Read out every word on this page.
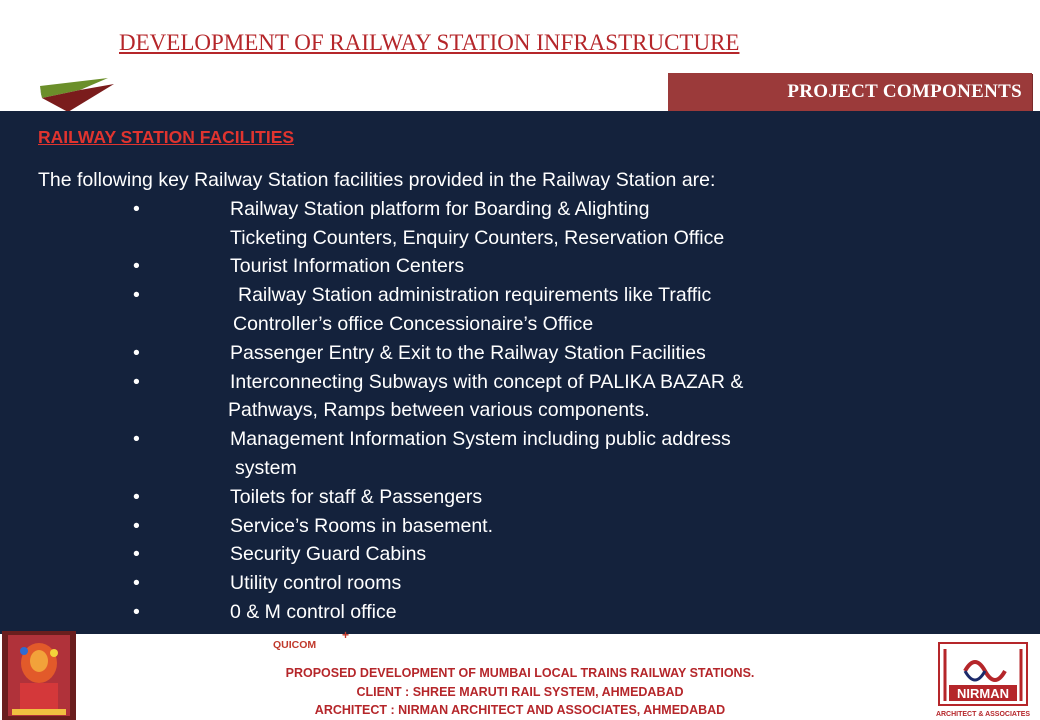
DEVELOPMENT OF RAILWAY STATION INFRASTRUCTURE
PROJECT COMPONENTS
RAILWAY STATION FACILITIES
The following key Railway Station facilities provided in the Railway Station are:
•
•
•
•
•
•
•
•
•
•
•
Railway Station platform for Boarding & Alighting
Ticketing Counters, Enquiry Counters, Reservation Office
Tourist Information Centers
Railway Station administration requirements like Traffic
Controller’s office Concessionaire’s Office
Passenger Entry & Exit to the Railway Station Facilities
Interconnecting Subways with concept of PALIKA BAZAR &
Pathways, Ramps between various components.
Management Information System including public address
system
Toilets for staff & Passengers
Service’s Rooms in basement.
Security Guard Cabins
Utility control rooms
0 & M control office
QUICOM
+
PROPOSED DEVELOPMENT OF MUMBAI LOCAL TRAINS RAILWAY STATIONS.
CLIENT : SHREE MARUTI RAIL SYSTEM, AHMEDABAD
ARCHITECT : NIRMAN ARCHITECT AND ASSOCIATES, AHMEDABAD
NIRMAN
ARCHITECT & ASSOCIATES
